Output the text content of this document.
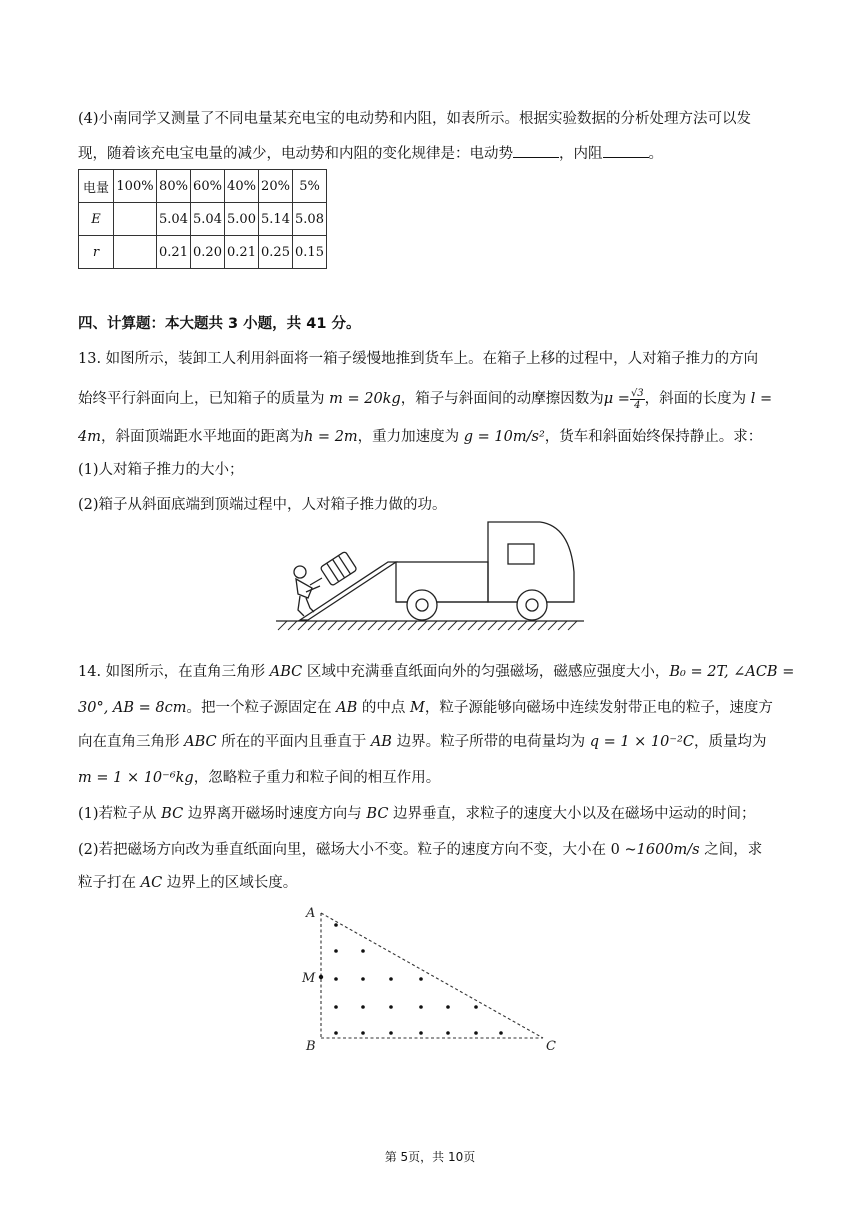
(4)小南同学又测量了不同电量某充电宝的电动势和内阻，如表所示。根据实验数据的分析处理方法可以发
现，随着该充电宝电量的减少，电动势和内阻的变化规律是：电动势	，内阻	。
电量	100%	80%	60%	40%	20%	5%
E		5.04	5.04	5.00	5.14	5.08
r		0.21	0.20	0.21	0.25	0.15
四、计算题：本大题共 3 小题，共 41 分。
13. 如图所示，装卸工人利用斜面将一箱子缓慢地推到货车上。在箱子上移的过程中，人对箱子推力的方向
始终平行斜面向上，已知箱子的质量为 m = 20kg，箱子与斜面间的动摩擦因数为$\mu = \frac{√3}{4}$ ，斜面的长度为 l =
4m，斜面顶端距水平地面的距离为h = 2m，重力加速度为 g = 10m/s²，货车和斜面始终保持静止。求：
(1)人对箱子推力的大小；
(2)箱子从斜面底端到顶端过程中，人对箱子推力做的功。
14. 如图所示，在直角三角形 ABC 区域中充满垂直纸面向外的匀强磁场，磁感应强度大小，B₀ = 2T, ∠ACB =
30°, AB = 8cm。把一个粒子源固定在 AB 的中点 M，粒子源能够向磁场中连续发射带正电的粒子，速度方
向在直角三角形 ABC 所在的平面内且垂直于 AB 边界。粒子所带的电荷量均为 q = 1 × 10⁻²C，质量均为
m = 1 × 10⁻⁶kg，忽略粒子重力和粒子间的相互作用。
(1)若粒子从 BC 边界离开磁场时速度方向与 BC 边界垂直，求粒子的速度大小以及在磁场中运动的时间；
(2)若把磁场方向改为垂直纸面向里，磁场大小不变。粒子的速度方向不变，大小在 0 ~1600m/s 之间，求
粒子打在 AC 边界上的区域长度。
A
M
B	C
第 5页，共 10页
